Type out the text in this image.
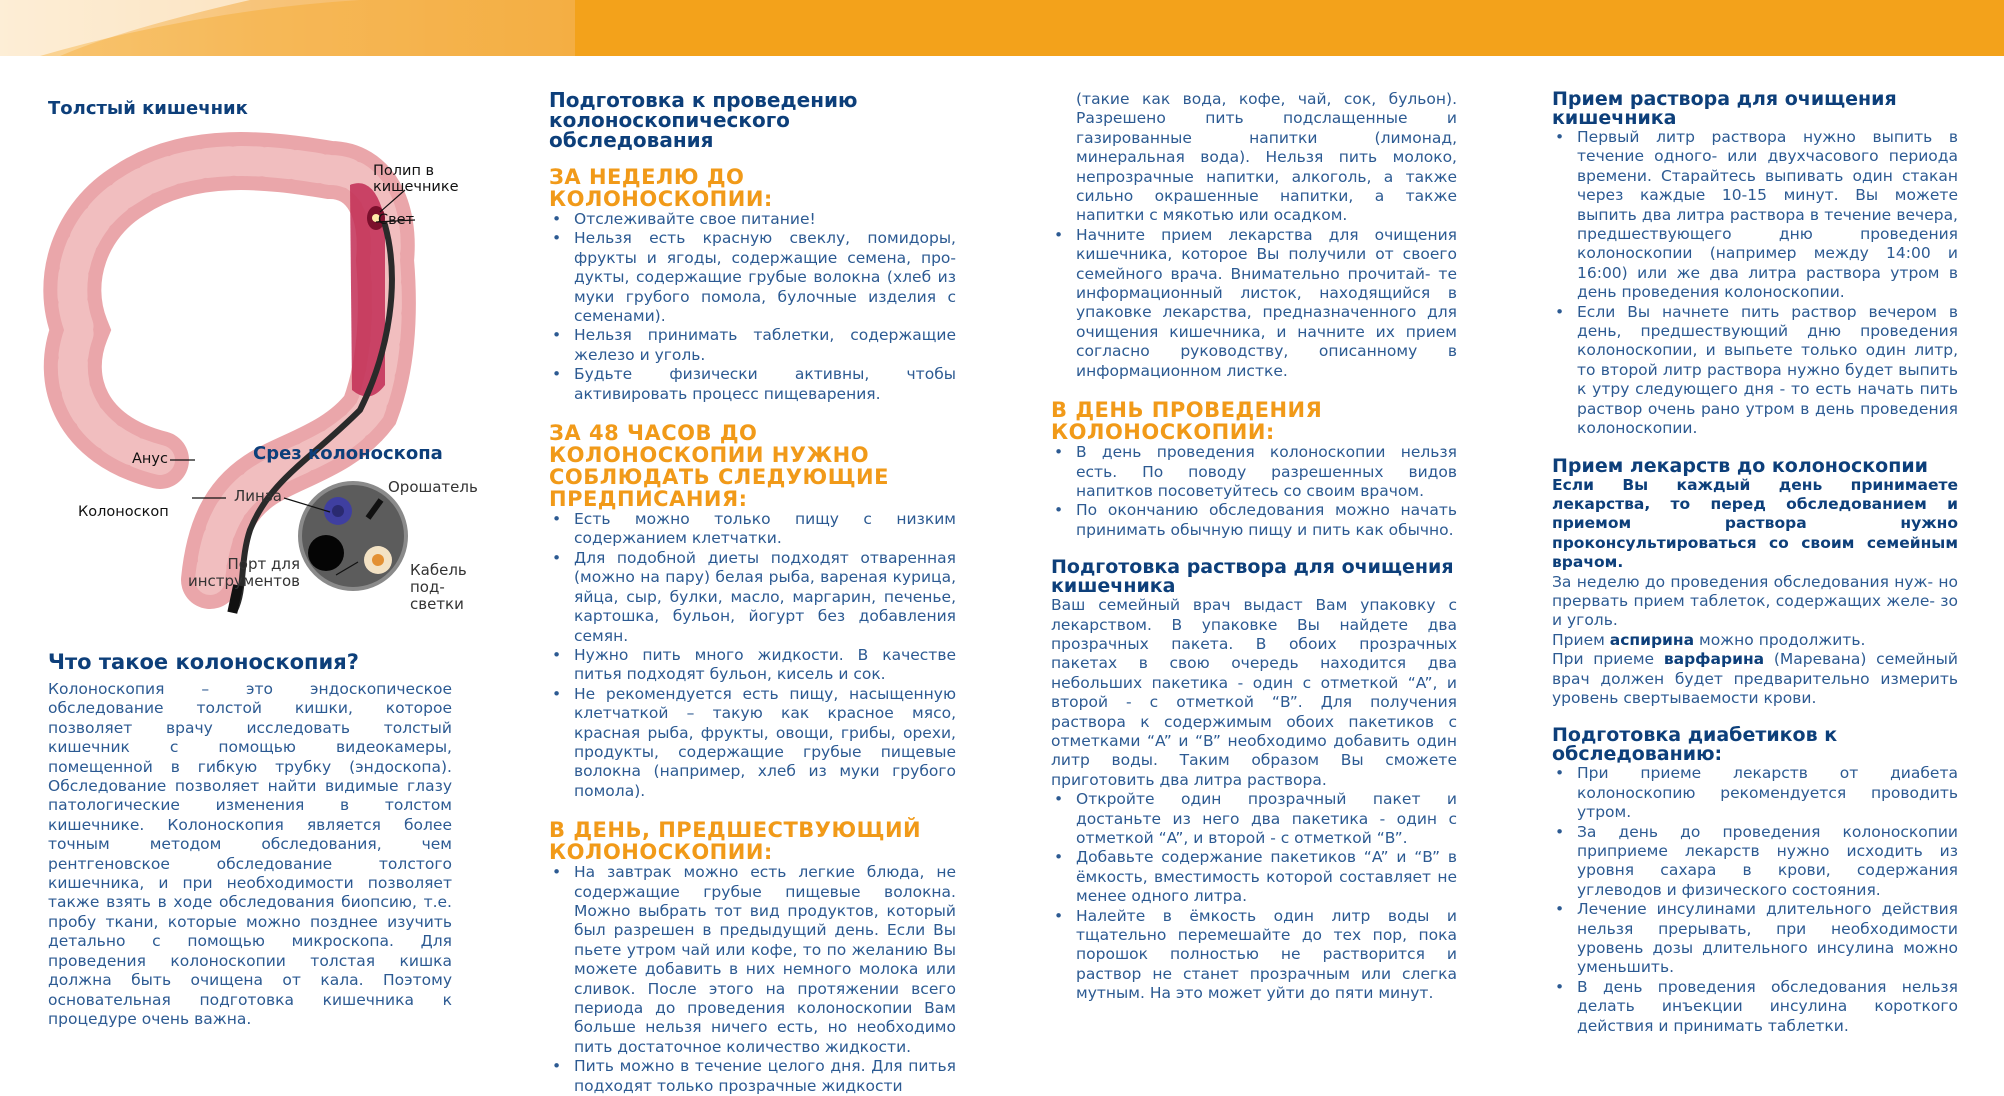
Толстый кишечник
Полип в кишечнике
Свет
Анус
Колоноскоп
Срез колоноскопа
Линза	Орошатель
Порт для инструментов
Кабель под- светки
Что такое колоноскопия?

Колоноскопия – это эндоскопическое обследование толстой кишки, которое позволяет врачу исследовать толстый кишечник с помощью видеокамеры, помещенной в гибкую трубку (эндоскопа). Обследование позволяет найти видимые глазу патологические изменения в толстом кишечнике. Колоноскопия является более точным методом обследования, чем рентгеновское обследование толстого кишечника, и при необходимости позволяет также взять в ходе обследования биопсию, т.е. пробу ткани, которые можно позднее изучить детально с помощью микроскопа. Для проведения колоноскопии толстая кишка должна быть очищена от кала. Поэтому основательная подготовка кишечника к процедуре очень важна.

Подготовка к проведению колоноскопического обследования
ЗА НЕДЕЛЮ ДО КОЛОНОСКОПИИ:
• Отслеживайте свое питание!
• Нельзя есть красную свеклу, помидоры, фрукты и ягоды, содержащие семена, про- дукты, содержащие грубые волокна (хлеб из муки грубого помола, булочные изделия с семенами).
• Нельзя принимать таблетки, содержащие железо и уголь.
• Будьте физически активны, чтобы активировать процесс пищеварения.
ЗА 48 ЧАСОВ ДО КОЛОНОСКОПИИ НУЖНО СОБЛЮДАТЬ СЛЕДУЮЩИЕ ПРЕДПИСАНИЯ:
• Есть можно только пищу с низким содержанием клетчатки.
• Для подобной диеты подходят отваренная (можно на пару) белая рыба, вареная курица, яйца, сыр, булки, масло, маргарин, печенье, картошка, бульон, йогурт без добавления семян.
• Нужно пить много жидкости. В качестве питья подходят бульон, кисель и сок.
• Не рекомендуется есть пищу, насыщенную клетчаткой – такую как красное мясо, красная рыба, фрукты, овощи, грибы, орехи, продукты, содержащие грубые пищевые волокна (например, хлеб из муки грубого помола).
В ДЕНЬ, ПРЕДШЕСТВУЮЩИЙ КОЛОНОСКОПИИ:
• На завтрак можно есть легкие блюда, не содержащие грубые пищевые волокна. Можно выбрать тот вид продуктов, который был разрешен в предыдущий день. Если Вы пьете утром чай или кофе, то по желанию Вы можете добавить в них немного молока или сливок. После этого на протяжении всего периода до проведения колоноскопии Вам больше нельзя ничего есть, но необходимо пить достаточное количество жидкости.
• Пить можно в течение целого дня. Для питья подходят только прозрачные жидкости

(такие как вода, кофе, чай, сок, бульон). Разрешено пить подслащенные и газированные напитки (лимонад, минеральная вода). Нельзя пить молоко, непрозрачные напитки, алкоголь, а также сильно окрашенные напитки, а также напитки с мякотью или осадком.

• Начните прием лекарства для очищения кишечника, которое Вы получили от своего семейного врача. Внимательно прочитай- те информационный листок, находящийся в упаковке лекарства, предназначенного для очищения кишечника, и начните их прием согласно руководству, описанному в информационном листке.
В ДЕНЬ ПРОВЕДЕНИЯ КОЛОНОСКОПИИ:
• В день проведения колоноскопии нельзя есть. По поводу разрешенных видов напитков посоветуйтесь со своим врачом.
• По окончанию обследования можно начать принимать обычную пищу и пить как обычно.
Подготовка раствора для очищения кишечника

Ваш семейный врач выдаст Вам упаковку с лекарством. В упаковке Вы найдете два прозрачных пакета. В обоих прозрачных пакетах в свою очередь находится два небольших пакетика - один с отметкой “A”, и второй - с отметкой “B”. Для получения раствора к содержимым обоих пакетиков с отметками “A” и “B” необходимо добавить один литр воды. Таким образом Вы сможете приготовить два литра раствора.

• Откройте один прозрачный пакет и достаньте из него два пакетика - один с отметкой “A”, и второй - с отметкой “B”.
• Добавьте содержание пакетиков “A” и “B” в ёмкость, вместимость которой составляет не менее одного литра.
• Налейте в ёмкость один литр воды и тщательно перемешайте до тех пор, пока порошок полностью не растворится и раствор не станет прозрачным или слегка мутным. На это может уйти до пяти минут.
Прием раствора для очищения кишечника
• Первый литр раствора нужно выпить в течение одного- или двухчасового периода времени. Старайтесь выпивать один стакан через каждые 10-15 минут. Вы можете выпить два литра раствора в течение вечера, предшествующего дню проведения колоноскопии (например между 14:00 и 16:00) или же два литра раствора утром в день проведения колоноскопии.
• Если Вы начнете пить раствор вечером в день, предшествующий дню проведения колоноскопии, и выпьете только один литр, то второй литр раствора нужно будет выпить к утру следующего дня - то есть начать пить раствор очень рано утром в день проведения колоноскопии.
Прием лекарств до колоноскопии

Если Вы каждый день принимаете лекарства, то перед обследованием и приемом раствора нужно проконсультироваться со своим семейным врачом.

За неделю до проведения обследования нуж- но прервать прием таблеток, содержащих желе- зо и уголь.

Прием аспирина можно продолжить.

При приеме варфарина (Маревана) семейный врач должен будет предварительно измерить уровень свертываемости крови.

Подготовка диабетиков к обследованию:
• При приеме лекарств от диабета колоноскопию рекомендуется проводить утром.
• За день до проведения колоноскопии приприеме лекарств нужно исходить из уровня сахара в крови, содержания углеводов и физического состояния.
• Лечение инсулинами длительного действия нельзя прерывать, при необходимости уровень дозы длительного инсулина можно уменьшить.
• В день проведения обследования нельзя делать инъекции инсулина короткого действия и принимать таблетки.
